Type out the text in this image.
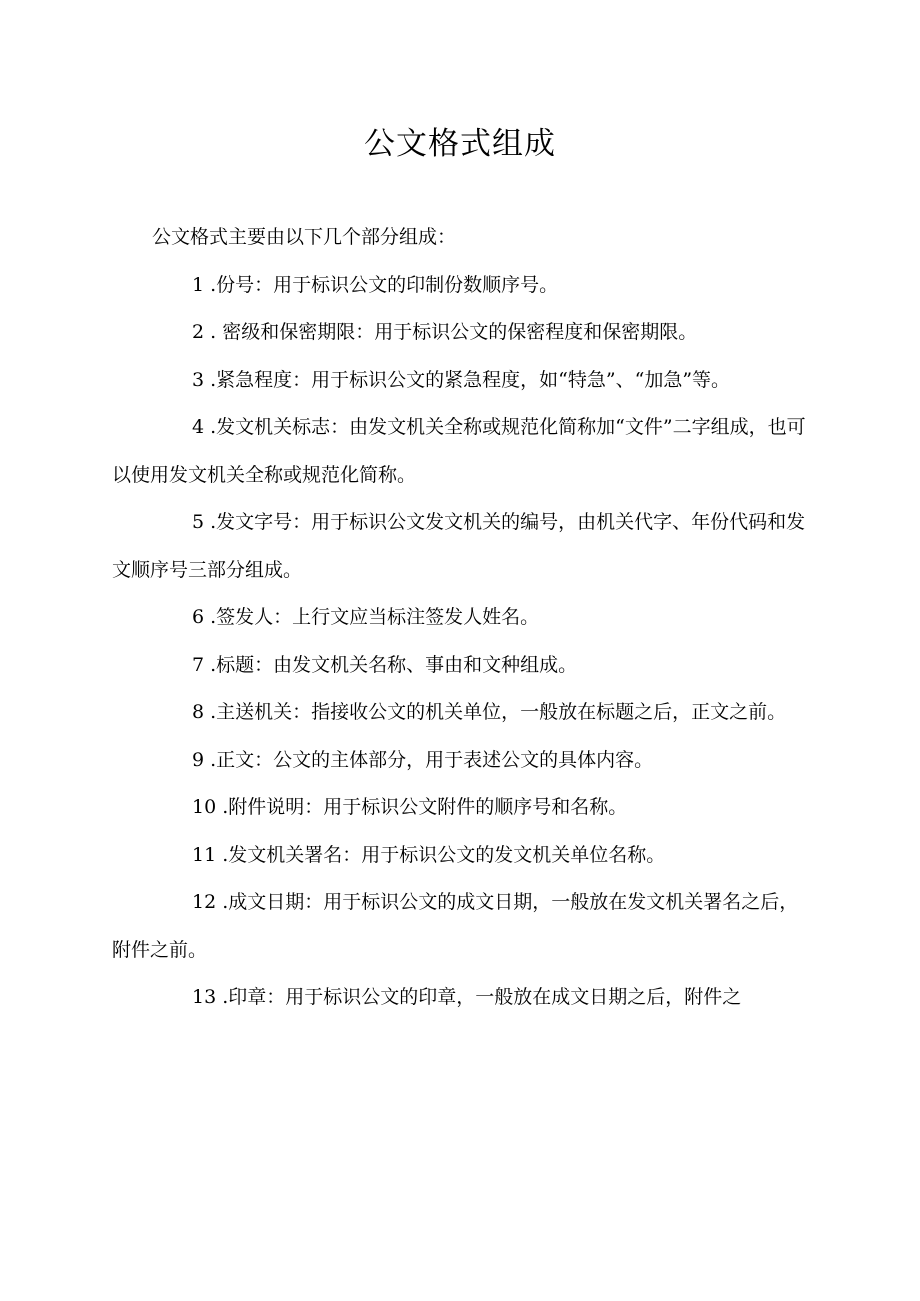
公文格式组成

公文格式主要由以下几个部分组成：

1 .份号：用于标识公文的印制份数顺序号。

2 . 密级和保密期限：用于标识公文的保密程度和保密期限。

3 .紧急程度：用于标识公文的紧急程度，如“特急”、“加急”等。

4 .发文机关标志：由发文机关全称或规范化简称加“文件”二字组成，也可以使用发文机关全称或规范化简称。

5 .发文字号：用于标识公文发文机关的编号，由机关代字、年份代码和发文顺序号三部分组成。

6 .签发人：上行文应当标注签发人姓名。

7 .标题：由发文机关名称、事由和文种组成。

8 .主送机关：指接收公文的机关单位，一般放在标题之后，正文之前。

9 .正文：公文的主体部分，用于表述公文的具体内容。

10 .附件说明：用于标识公文附件的顺序号和名称。

11 .发文机关署名：用于标识公文的发文机关单位名称。

12 .成文日期：用于标识公文的成文日期，一般放在发文机关署名之后，附件之前。

13 .印章：用于标识公文的印章，一般放在成文日期之后，附件之
